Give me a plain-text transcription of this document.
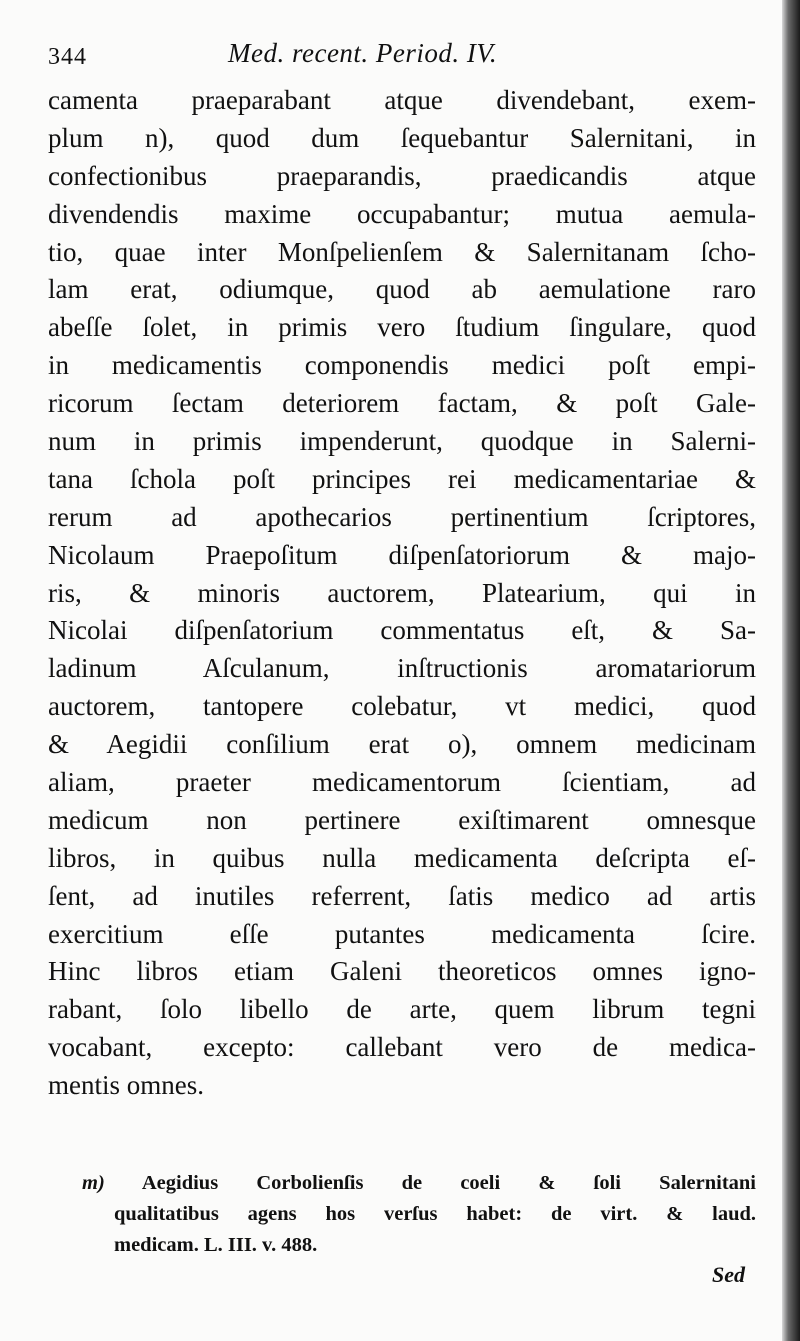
344	Med. recent. Period. IV.
camenta praeparabant atque divendebant, exem-
plum n), quod dum ſequebantur Salernitani, in
confectionibus praeparandis, praedicandis atque
divendendis maxime occupabantur; mutua aemula-
tio, quae inter Monſpelienſem & Salernitanam ſcho-
lam erat, odiumque, quod ab aemulatione raro
abeſſe ſolet, in primis vero ſtudium ſingulare, quod
in medicamentis componendis medici poſt empi-
ricorum ſectam deteriorem factam, & poſt Gale-
num in primis impenderunt, quodque in Salerni-
tana ſchola poſt principes rei medicamentariae &
rerum ad apothecarios pertinentium ſcriptores,
Nicolaum Praepoſitum diſpenſatoriorum & majo-
ris, & minoris auctorem, Platearium, qui in
Nicolai diſpenſatorium commentatus eſt, & Sa-
ladinum Aſculanum, inſtructionis aromatariorum
auctorem, tantopere colebatur, vt medici, quod
& Aegidii conſilium erat o), omnem medicinam
aliam, praeter medicamentorum ſcientiam, ad
medicum non pertinere exiſtimarent omnesque
libros, in quibus nulla medicamenta deſcripta eſ-
ſent, ad inutiles referrent, ſatis medico ad artis
exercitium eſſe putantes medicamenta ſcire.
Hinc libros etiam Galeni theoreticos omnes igno-
rabant, ſolo libello de arte, quem librum tegni
vocabant, excepto: callebant vero de medica-
mentis omnes.
m) Aegidius Corbolienſis de coeli & ſoli Salernitani
qualitatibus agens hos verſus habet: de virt. & laud.
medicam. L. III. v. 488.
Sed
